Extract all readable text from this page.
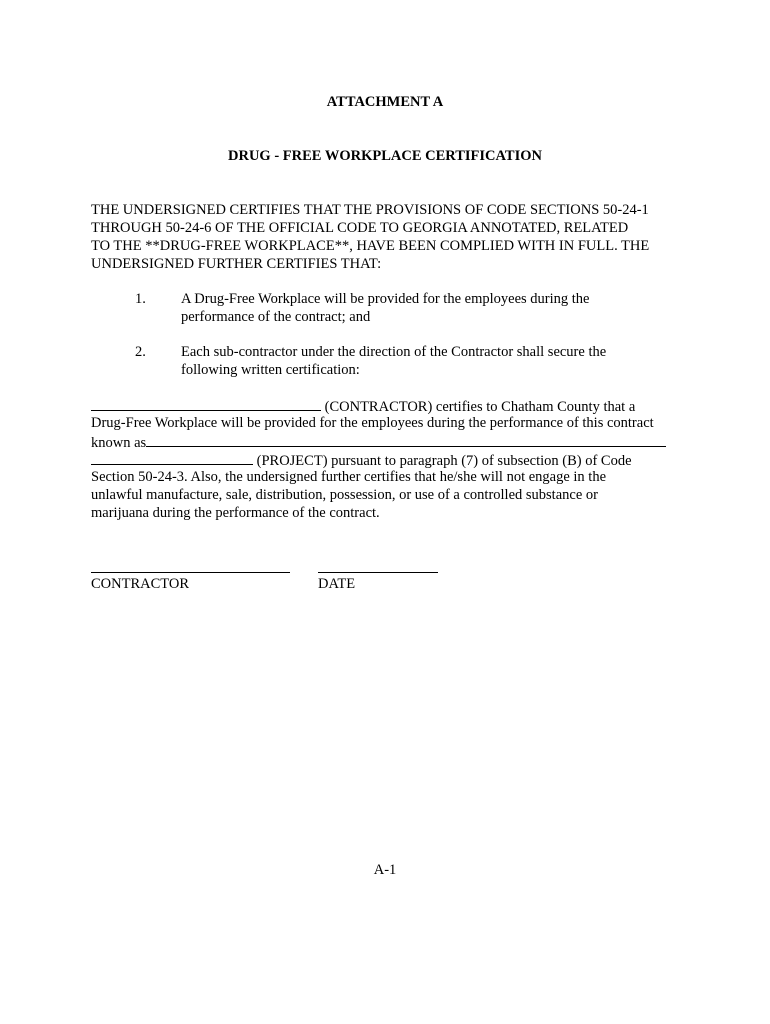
ATTACHMENT A
DRUG - FREE WORKPLACE CERTIFICATION
THE UNDERSIGNED CERTIFIES THAT THE PROVISIONS OF CODE SECTIONS 50-24-1
THROUGH 50-24-6 OF THE OFFICIAL CODE TO GEORGIA ANNOTATED, RELATED
TO THE **DRUG-FREE WORKPLACE**, HAVE BEEN COMPLIED WITH IN FULL. THE
UNDERSIGNED FURTHER CERTIFIES THAT:
1. A Drug-Free Workplace will be provided for the employees during the
performance of the contract; and
2. Each sub-contractor under the direction of the Contractor shall secure the
following written certification:
(CONTRACTOR) certifies to Chatham County that a
Drug-Free Workplace will be provided for the employees during the performance of this contract
known as
(PROJECT) pursuant to paragraph (7) of subsection (B) of Code
Section 50-24-3. Also, the undersigned further certifies that he/she will not engage in the
unlawful manufacture, sale, distribution, possession, or use of a controlled substance or
marijuana during the performance of the contract.
CONTRACTOR	DATE
A-1
